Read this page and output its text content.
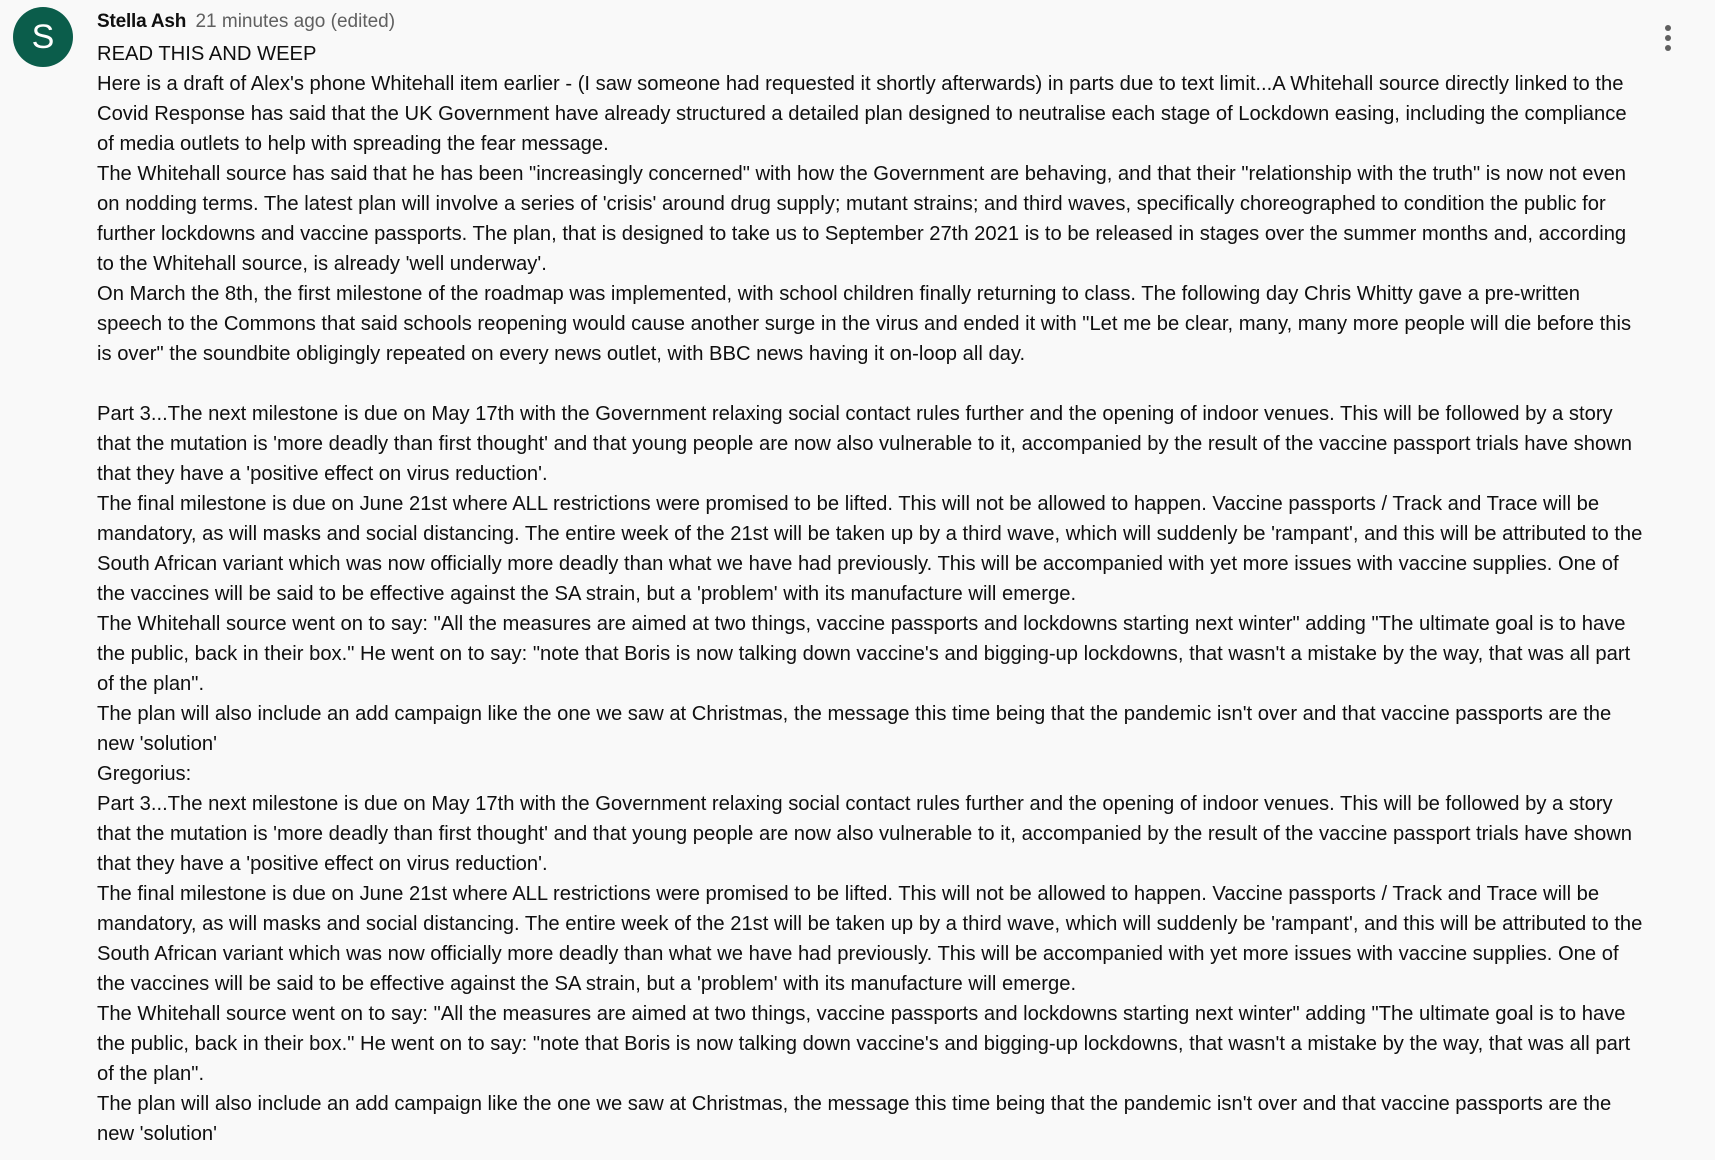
S	Stella Ash 21 minutes ago (edited)

READ THIS AND WEEP

Here is a draft of Alex's phone Whitehall item earlier - (I saw someone had requested it shortly afterwards) in parts due to text limit...A Whitehall source directly linked to the Covid Response has said that the UK Government have already structured a detailed plan designed to neutralise each stage of Lockdown easing, including the compliance of media outlets to help with spreading the fear message.

The Whitehall source has said that he has been "increasingly concerned" with how the Government are behaving, and that their "relationship with the truth" is now not even on nodding terms. The latest plan will involve a series of 'crisis' around drug supply; mutant strains; and third waves, specifically choreographed to condition the public for further lockdowns and vaccine passports. The plan, that is designed to take us to September 27th 2021 is to be released in stages over the summer months and, according to the Whitehall source, is already 'well underway'.

On March the 8th, the first milestone of the roadmap was implemented, with school children finally returning to class. The following day Chris Whitty gave a pre-written speech to the Commons that said schools reopening would cause another surge in the virus and ended it with "Let me be clear, many, many more people will die before this is over" the soundbite obligingly repeated on every news outlet, with BBC news having it on-loop all day.

Part 3...The next milestone is due on May 17th with the Government relaxing social contact rules further and the opening of indoor venues. This will be followed by a story that the mutation is 'more deadly than first thought' and that young people are now also vulnerable to it, accompanied by the result of the vaccine passport trials have shown that they have a 'positive effect on virus reduction'.

The final milestone is due on June 21st where ALL restrictions were promised to be lifted. This will not be allowed to happen. Vaccine passports / Track and Trace will be mandatory, as will masks and social distancing. The entire week of the 21st will be taken up by a third wave, which will suddenly be 'rampant', and this will be attributed to the South African variant which was now officially more deadly than what we have had previously. This will be accompanied with yet more issues with vaccine supplies. One of the vaccines will be said to be effective against the SA strain, but a 'problem' with its manufacture will emerge.

The Whitehall source went on to say: "All the measures are aimed at two things, vaccine passports and lockdowns starting next winter" adding "The ultimate goal is to have the public, back in their box." He went on to say: "note that Boris is now talking down vaccine's and bigging-up lockdowns, that wasn't a mistake by the way, that was all part of the plan".

The plan will also include an add campaign like the one we saw at Christmas, the message this time being that the pandemic isn't over and that vaccine passports are the new 'solution'

Gregorius:

Part 3...The next milestone is due on May 17th with the Government relaxing social contact rules further and the opening of indoor venues. This will be followed by a story that the mutation is 'more deadly than first thought' and that young people are now also vulnerable to it, accompanied by the result of the vaccine passport trials have shown that they have a 'positive effect on virus reduction'.

The final milestone is due on June 21st where ALL restrictions were promised to be lifted. This will not be allowed to happen. Vaccine passports / Track and Trace will be mandatory, as will masks and social distancing. The entire week of the 21st will be taken up by a third wave, which will suddenly be 'rampant', and this will be attributed to the South African variant which was now officially more deadly than what we have had previously. This will be accompanied with yet more issues with vaccine supplies. One of the vaccines will be said to be effective against the SA strain, but a 'problem' with its manufacture will emerge.

The Whitehall source went on to say: "All the measures are aimed at two things, vaccine passports and lockdowns starting next winter" adding "The ultimate goal is to have the public, back in their box." He went on to say: "note that Boris is now talking down vaccine's and bigging-up lockdowns, that wasn't a mistake by the way, that was all part of the plan".

The plan will also include an add campaign like the one we saw at Christmas, the message this time being that the pandemic isn't over and that vaccine passports are the new 'solution'
